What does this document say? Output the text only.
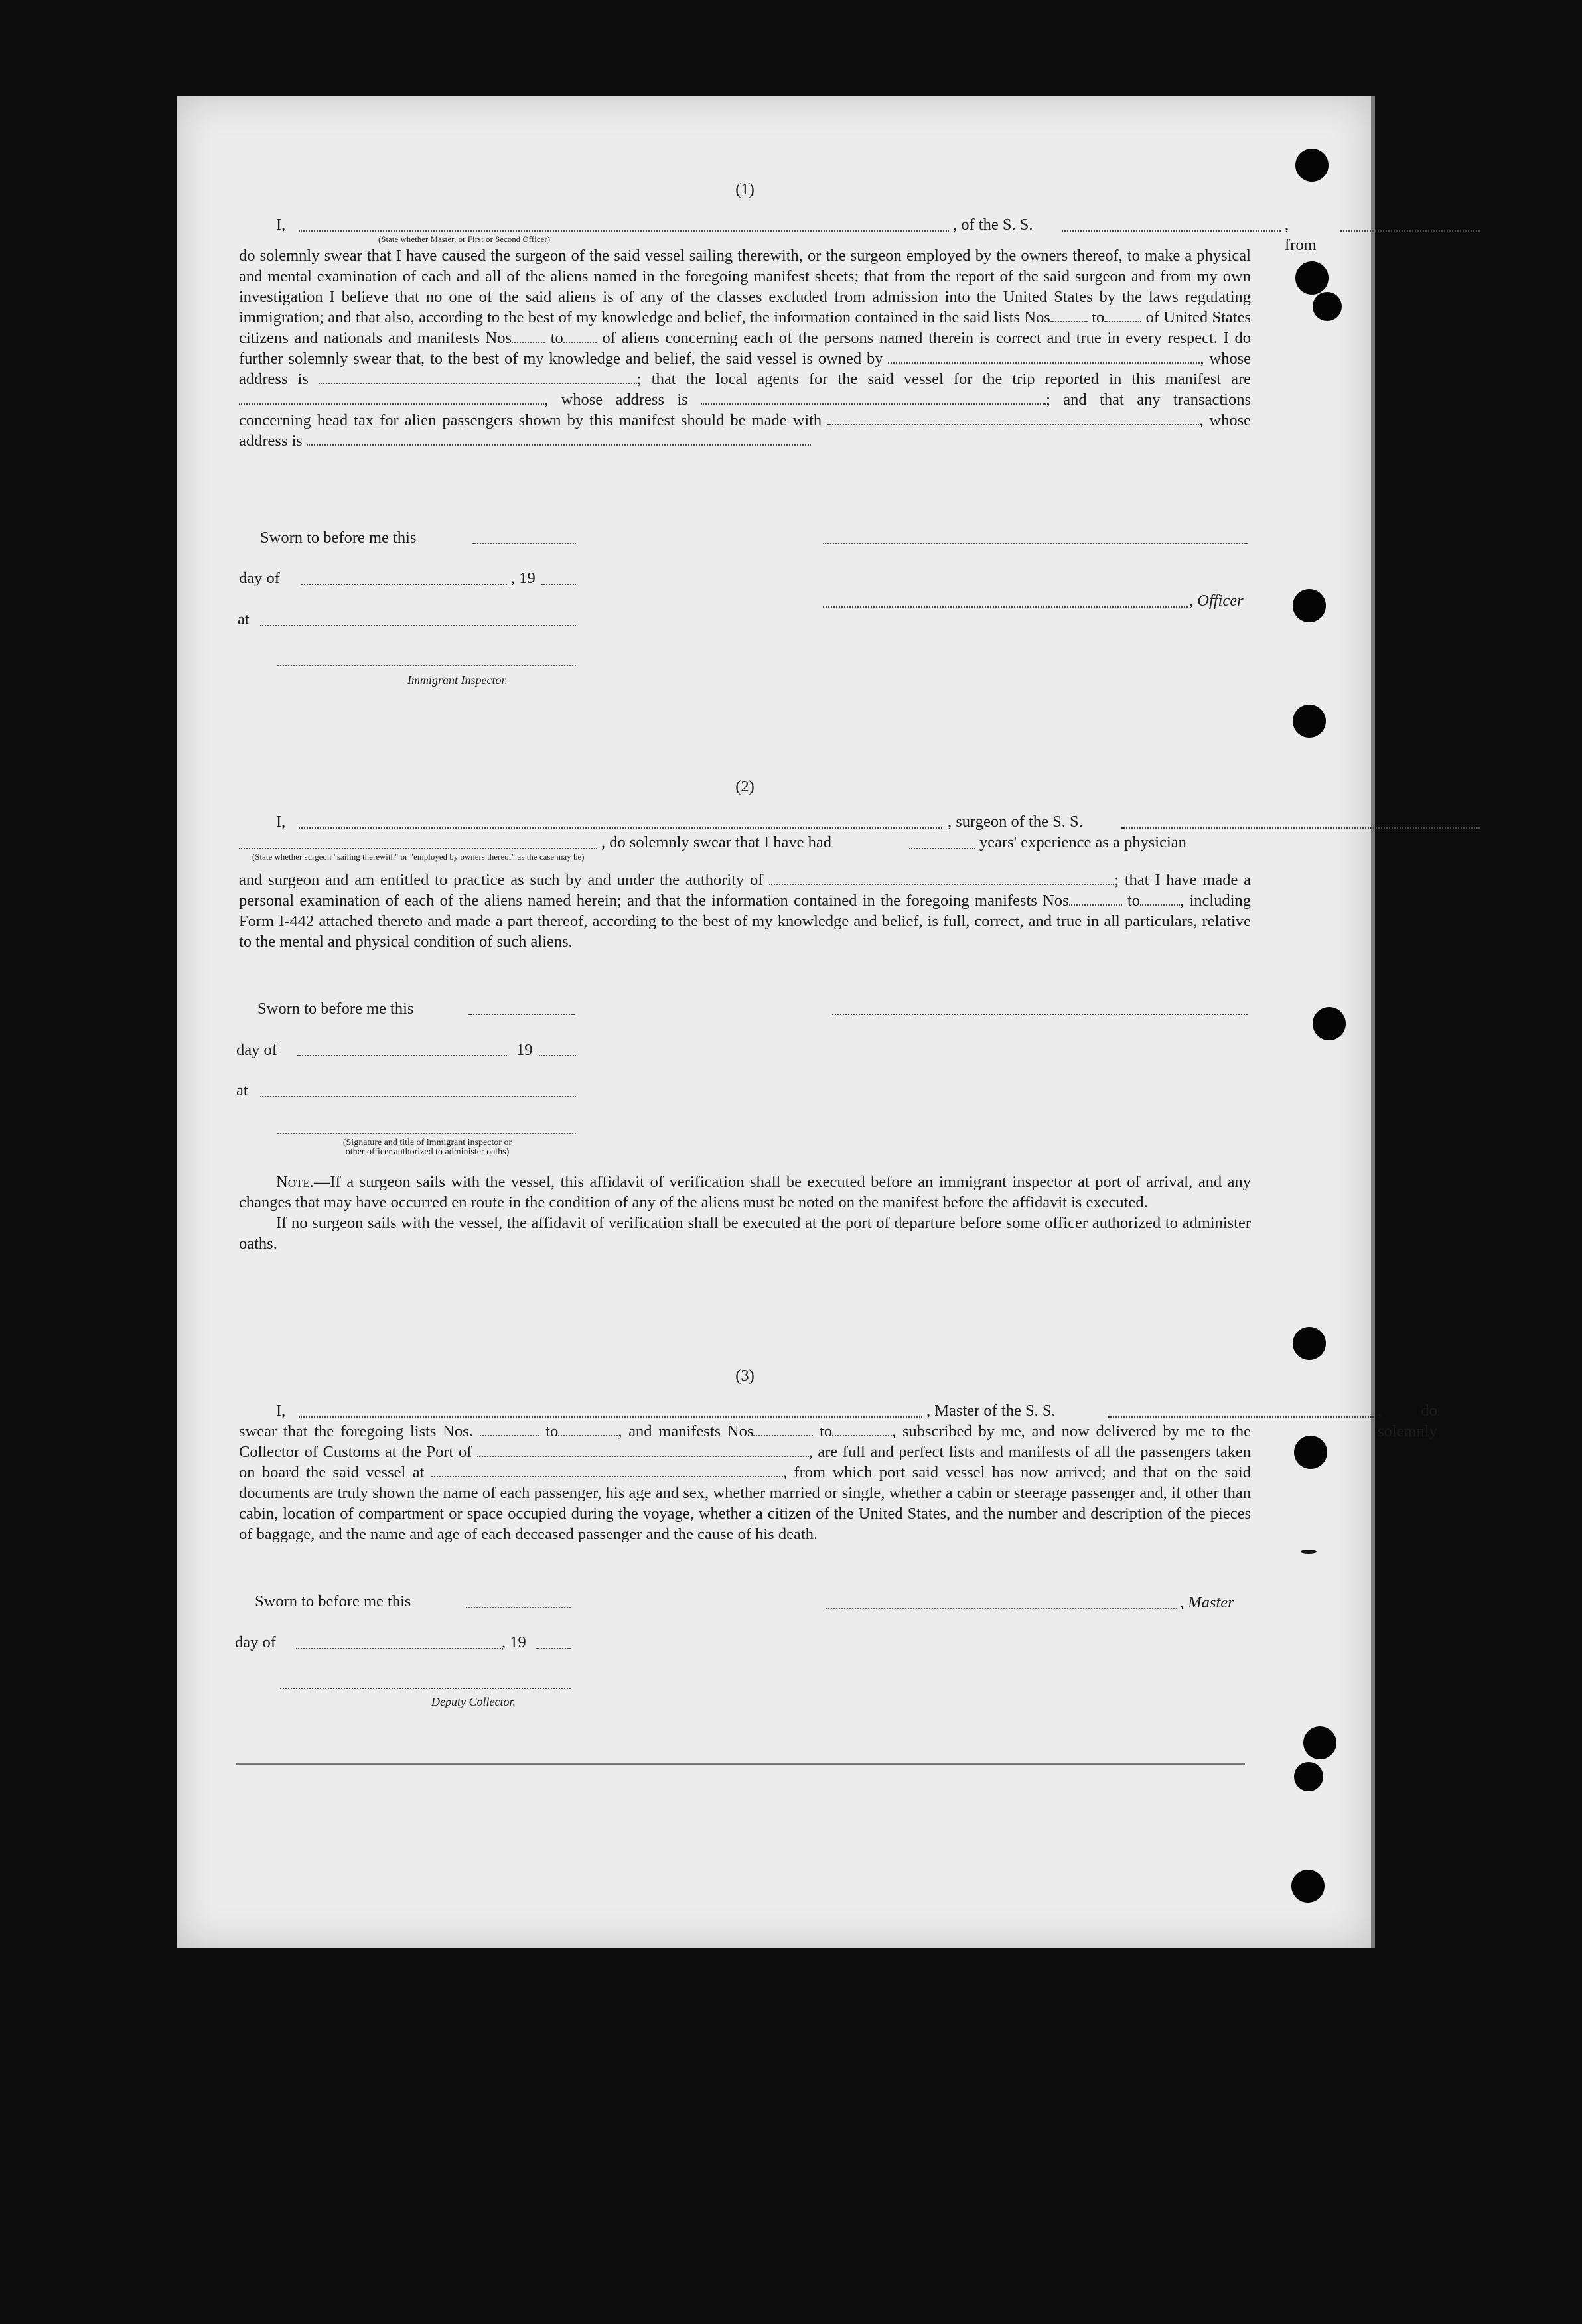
(1)
I,	, of the S. S.	, from
(State whether Master, or First or Second Officer)

do solemnly swear that I have caused the surgeon of the said vessel sailing therewith, or the surgeon employed by the owners thereof, to make a physical and mental examination of each and all of the aliens named in the foregoing manifest sheets; that from the report of the said surgeon and from my own investigation I believe that no one of the said aliens is of any of the classes excluded from admission into the United States by the laws regulating immigration; and that also, according to the best of my knowledge and belief, the information contained in the said lists Nos	to	of United States citizens and nationals and manifests Nos to of aliens concerning each of the persons named therein is correct and true in every respect. I do further solemnly swear that, to the best of my knowledge and belief, the said vessel is owned by	, whose address is	; that the local agents for the said vessel for the trip reported in this manifest are , whose address is	; and that any transactions concerning head tax for alien passengers shown by this manifest should be made with	, whose address is

Sworn to before me this
day of	, 19
, Officer
at
Immigrant Inspector.
(2)
I,	, surgeon of the S. S.
, do solemnly swear that I have had	years' experience as a physician
(State whether surgeon "sailing therewith" or "employed by owners thereof" as the case may be)

and surgeon and am entitled to practice as such by and under the authority of	; that I have made a personal examination of each of the aliens named herein; and that the information contained in the foregoing manifests Nos	to , including Form I-442 attached thereto and made a part thereof, according to the best of my knowledge and belief, is full, correct, and true in all particulars, relative to the mental and physical condition of such aliens.

Sworn to before me this
day of	19
at
(Signature and title of immigrant inspector or
other officer authorized to administer oaths)

Note.—If a surgeon sails with the vessel, this affidavit of verification shall be executed before an immigrant inspector at port of arrival, and any changes that may have occurred en route in the condition of any of the aliens must be noted on the manifest before the affidavit is executed.

If no surgeon sails with the vessel, the affidavit of verification shall be executed at the port of departure before some officer authorized to administer oaths.

(3)
I,	, Master of the S. S.	, do solemnly

swear that the foregoing lists Nos.	to	, and manifests Nos	to	, subscribed by me, and now delivered by me to the Collector of Customs at the Port of	, are full and perfect lists and manifests of all the passengers taken on board the said vessel at	, from which port said vessel has now arrived; and that on the said documents are truly shown the name of each passenger, his age and sex, whether married or single, whether a cabin or steerage passenger and, if other than cabin, location of compartment or space occupied during the voyage, whether a citizen of the United States, and the number and description of the pieces of baggage, and the name and age of each deceased passenger and the cause of his death.

Sworn to before me this	, Master
day of	, 19
Deputy Collector.
